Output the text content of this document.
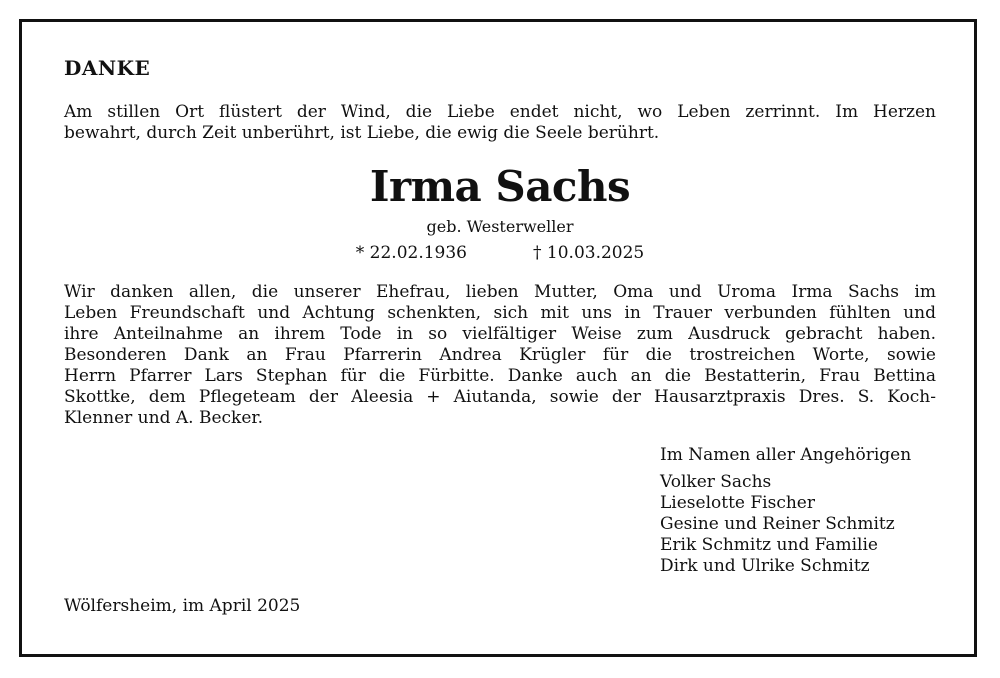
DANKE
Am stillen Ort flüstert der Wind, die Liebe endet nicht, wo Leben zerrinnt. Im Herzen
bewahrt, durch Zeit unberührt, ist Liebe, die ewig die Seele berührt.
Irma Sachs
geb. Westerweller
* 22.02.1936	† 10.03.2025
Wir danken allen, die unserer Ehefrau, lieben Mutter, Oma und Uroma Irma Sachs im
Leben Freundschaft und Achtung schenkten, sich mit uns in Trauer verbunden fühlten und
ihre Anteilnahme an ihrem Tode in so vielfältiger Weise zum Ausdruck gebracht haben.
Besonderen Dank an Frau Pfarrerin Andrea Krügler für die trostreichen Worte, sowie
Herrn Pfarrer Lars Stephan für die Fürbitte. Danke auch an die Bestatterin, Frau Bettina
Skottke, dem Pflegeteam der Aleesia + Aiutanda, sowie der Hausarztpraxis Dres. S. Koch-
Klenner und A. Becker.
Im Namen aller Angehörigen
Volker Sachs
Lieselotte Fischer
Gesine und Reiner Schmitz
Erik Schmitz und Familie
Dirk und Ulrike Schmitz
Wölfersheim, im April 2025
